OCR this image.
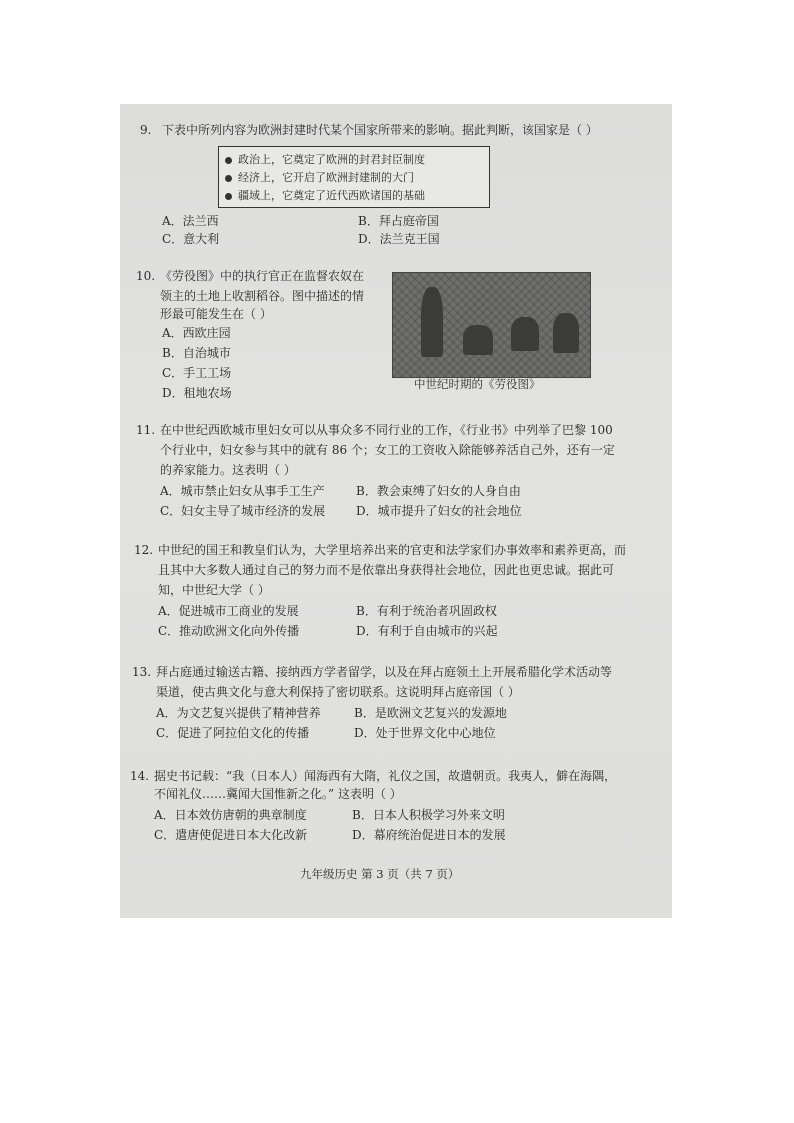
9. 下表中所列内容为欧洲封建时代某个国家所带来的影响。据此判断，该国家是（ ）
政治上，它奠定了欧洲的封君封臣制度
经济上，它开启了欧洲封建制的大门
疆域上，它奠定了近代西欧诸国的基础
A．法兰西	B．拜占庭帝国
C．意大利	D．法兰克王国
10. 《劳役图》中的执行官正在监督农奴在
领主的土地上收割稻谷。图中描述的情
形最可能发生在（ ）
A．西欧庄园
B．自治城市
C．手工工场
D．租地农场
中世纪时期的《劳役图》
11. 在中世纪西欧城市里妇女可以从事众多不同行业的工作，《行业书》中列举了巴黎 100
个行业中，妇女参与其中的就有 86 个；女工的工资收入除能够养活自己外，还有一定
的养家能力。这表明（ ）
A．城市禁止妇女从事手工生产	B．教会束缚了妇女的人身自由
C．妇女主导了城市经济的发展	D．城市提升了妇女的社会地位
12. 中世纪的国王和教皇们认为，大学里培养出来的官吏和法学家们办事效率和素养更高，而
且其中大多数人通过自己的努力而不是依靠出身获得社会地位，因此也更忠诚。据此可
知，中世纪大学（ ）
A．促进城市工商业的发展	B．有利于统治者巩固政权
C．推动欧洲文化向外传播	D．有利于自由城市的兴起
13. 拜占庭通过输送古籍、接纳西方学者留学，以及在拜占庭领土上开展希腊化学术活动等
渠道，使古典文化与意大利保持了密切联系。这说明拜占庭帝国（ ）
A．为文艺复兴提供了精神营养	B．是欧洲文艺复兴的发源地
C．促进了阿拉伯文化的传播	D．处于世界文化中心地位
14. 据史书记载：“我（日本人）闻海西有大隋，礼仪之国，故遣朝贡。我夷人，僻在海隅，
不闻礼仪……冀闻大国惟新之化。” 这表明（ ）
A．日本效仿唐朝的典章制度	B．日本人积极学习外来文明
C．遣唐使促进日本大化改新	D．幕府统治促进日本的发展
九年级历史 第 3 页（共 7 页）
